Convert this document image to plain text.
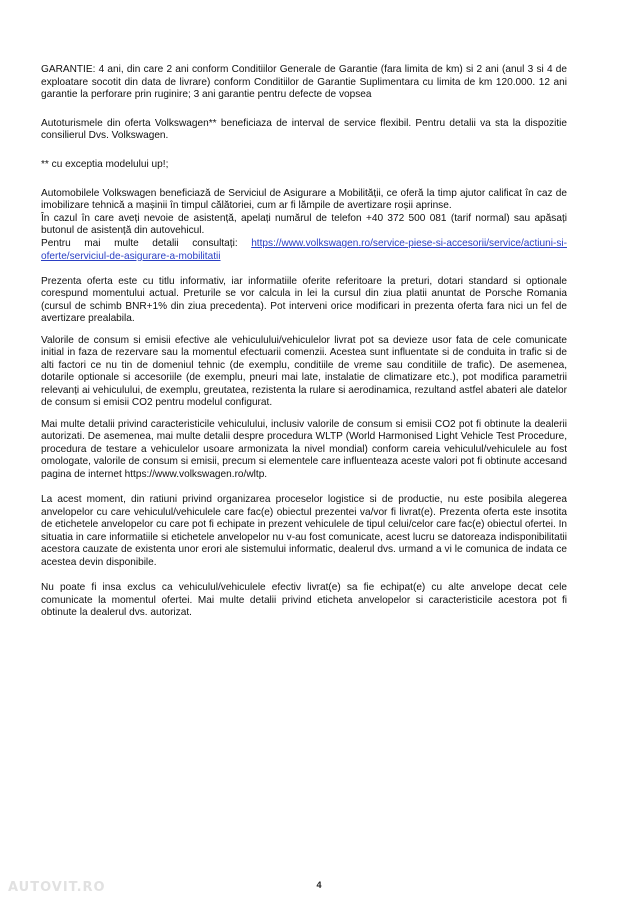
GARANTIE: 4 ani, din care 2 ani conform Conditiilor Generale de Garantie (fara limita de km) si 2 ani (anul 3 si 4 de exploatare socotit din data de livrare) conform Conditiilor de Garantie Suplimentara cu limita de km 120.000. 12 ani garantie la perforare prin ruginire; 3 ani garantie pentru defecte de vopsea

Autoturismele din oferta Volkswagen** beneficiaza de interval de service flexibil. Pentru detalii va sta la dispozitie consilierul Dvs. Volkswagen.

** cu exceptia modelului up!;

Automobilele Volkswagen beneficiază de Serviciul de Asigurare a Mobilității, ce oferă la timp ajutor calificat în caz de imobilizare tehnică a mașinii în timpul călătoriei, cum ar fi lămpile de avertizare roșii aprinse.
În cazul în care aveți nevoie de asistență, apelați numărul de telefon +40 372 500 081 (tarif normal) sau apăsați butonul de asistență din autovehicul.
Pentru mai multe detalii consultați: https://www.volkswagen.ro/service-piese-si-accesorii/service/actiuni-si-oferte/serviciul-de-asigurare-a-mobilitatii

Prezenta oferta este cu titlu informativ, iar informatiile oferite referitoare la preturi, dotari standard si optionale corespund momentului actual. Preturile se vor calcula in lei la cursul din ziua platii anuntat de Porsche Romania (cursul de schimb BNR+1% din ziua precedenta). Pot interveni orice modificari in prezenta oferta fara nici un fel de avertizare prealabila.

Valorile de consum si emisii efective ale vehiculului/vehiculelor livrat pot sa devieze usor fata de cele comunicate initial in faza de rezervare sau la momentul efectuarii comenzii. Acestea sunt influentate si de conduita in trafic si de alti factori ce nu tin de domeniul tehnic (de exemplu, conditiile de vreme sau conditiile de trafic). De asemenea, dotarile optionale si accesoriile (de exemplu, pneuri mai late, instalatie de climatizare etc.), pot modifica parametrii relevanți ai vehiculului, de exemplu, greutatea, rezistenta la rulare si aerodinamica, rezultand astfel abateri ale datelor de consum si emisii CO2 pentru modelul configurat.

Mai multe detalii privind caracteristicile vehiculului, inclusiv valorile de consum si emisii CO2 pot fi obtinute la dealerii autorizati. De asemenea, mai multe detalii despre procedura WLTP (World Harmonised Light Vehicle Test Procedure, procedura de testare a vehiculelor usoare armonizata la nivel mondial) conform careia vehiculul/vehiculele au fost omologate, valorile de consum si emisii, precum si elementele care influenteaza aceste valori pot fi obtinute accesand pagina de internet https://www.volkswagen.ro/wltp.

La acest moment, din ratiuni privind organizarea proceselor logistice si de productie, nu este posibila alegerea anvelopelor cu care vehiculul/vehiculele care fac(e) obiectul prezentei va/vor fi livrat(e). Prezenta oferta este insotita de etichetele anvelopelor cu care pot fi echipate in prezent vehiculele de tipul celui/celor care fac(e) obiectul ofertei. In situatia in care informatiile si etichetele anvelopelor nu v-au fost comunicate, acest lucru se datoreaza indisponibilitatii acestora cauzate de existenta unor erori ale sistemului informatic, dealerul dvs. urmand a vi le comunica de indata ce acestea devin disponibile.

Nu poate fi insa exclus ca vehiculul/vehiculele efectiv livrat(e) sa fie echipat(e) cu alte anvelope decat cele comunicate la momentul ofertei. Mai multe detalii privind eticheta anvelopelor si caracteristicile acestora pot fi obtinute la dealerul dvs. autorizat.

AUTOVIT.RO	4
